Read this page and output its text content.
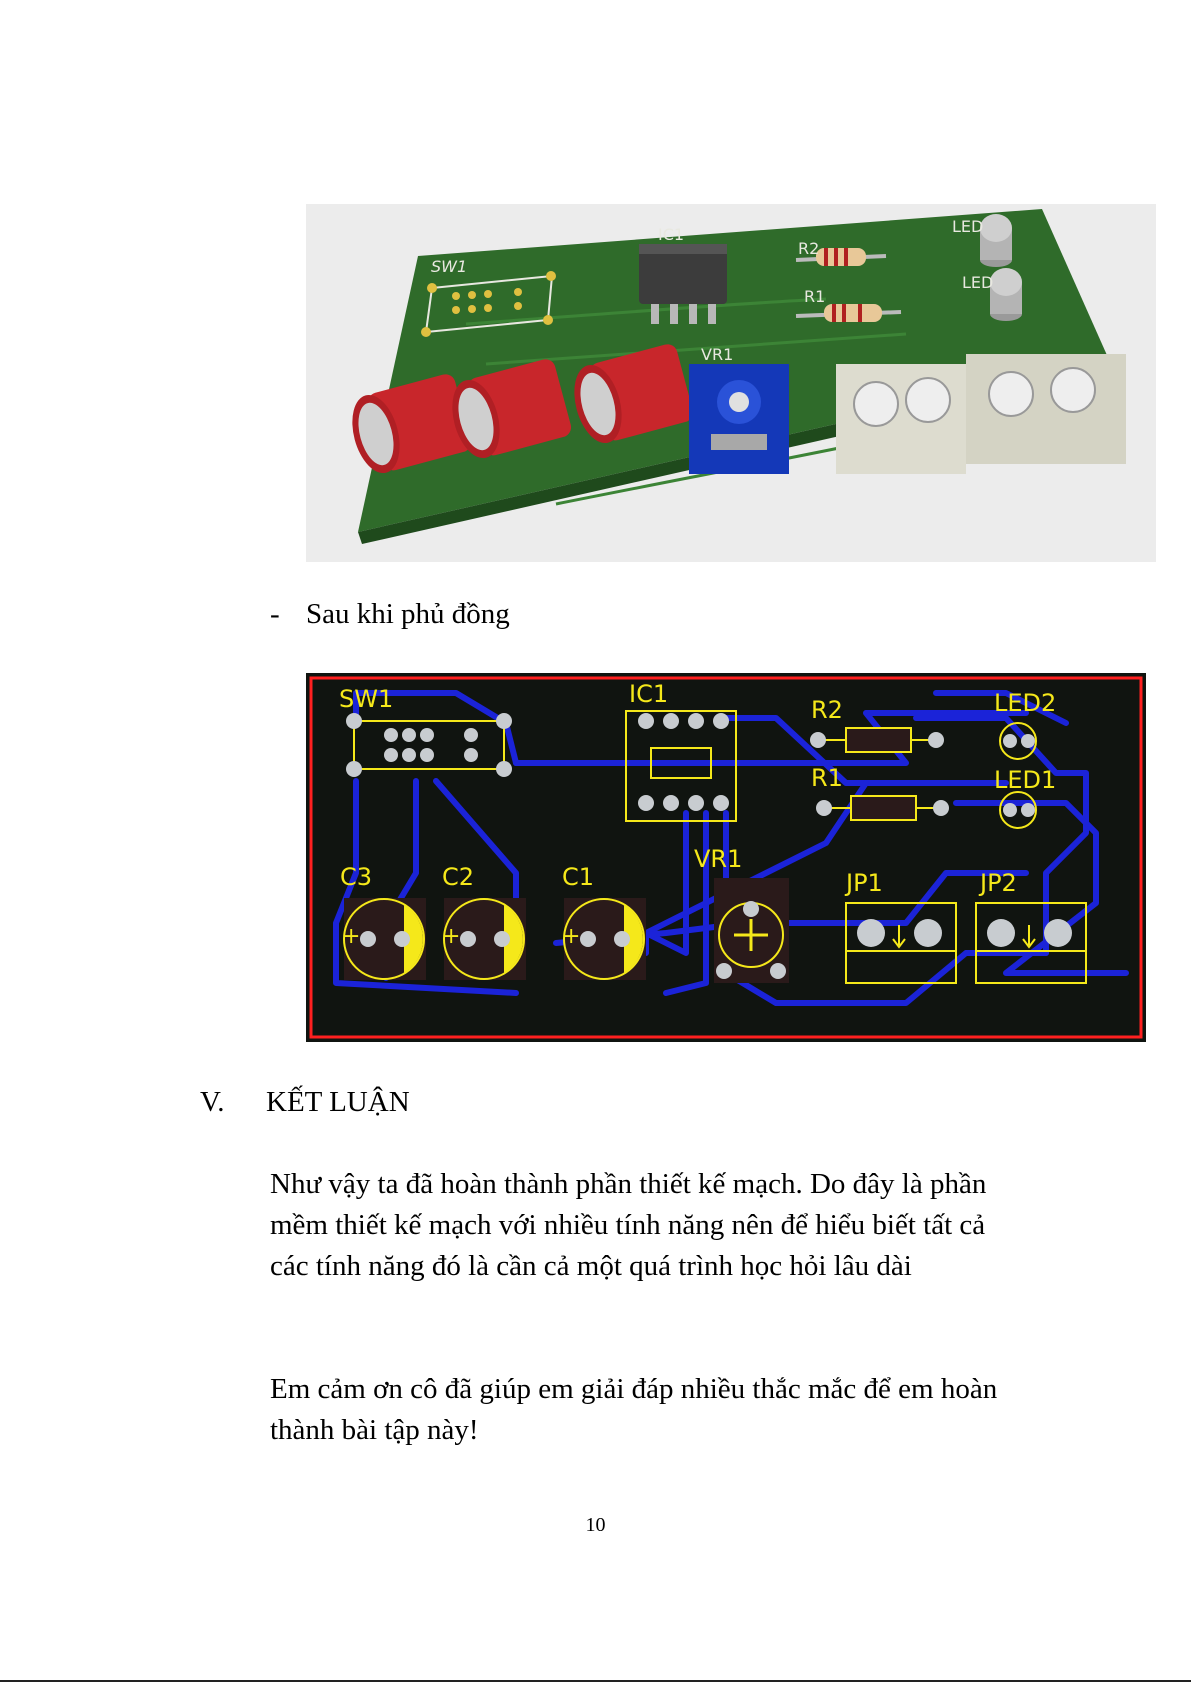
SW1
IC1
R2
R1
LED
LED
VR1
- Sau khi phủ đồng
SW1	IC1
R2
R1
LED2
LED1
+
C3
+
C2
+
C1
VR1
JP1	JP2
V. KẾT LUẬN
Như vậy ta đã hoàn thành phần thiết kế mạch. Do đây là phần mềm thiết kế mạch với nhiều tính năng nên để hiểu biết tất cả các tính năng đó là cần cả một quá trình học hỏi lâu dài
Em cảm ơn cô đã giúp em giải đáp nhiều thắc mắc để em hoàn thành bài tập này!
10
